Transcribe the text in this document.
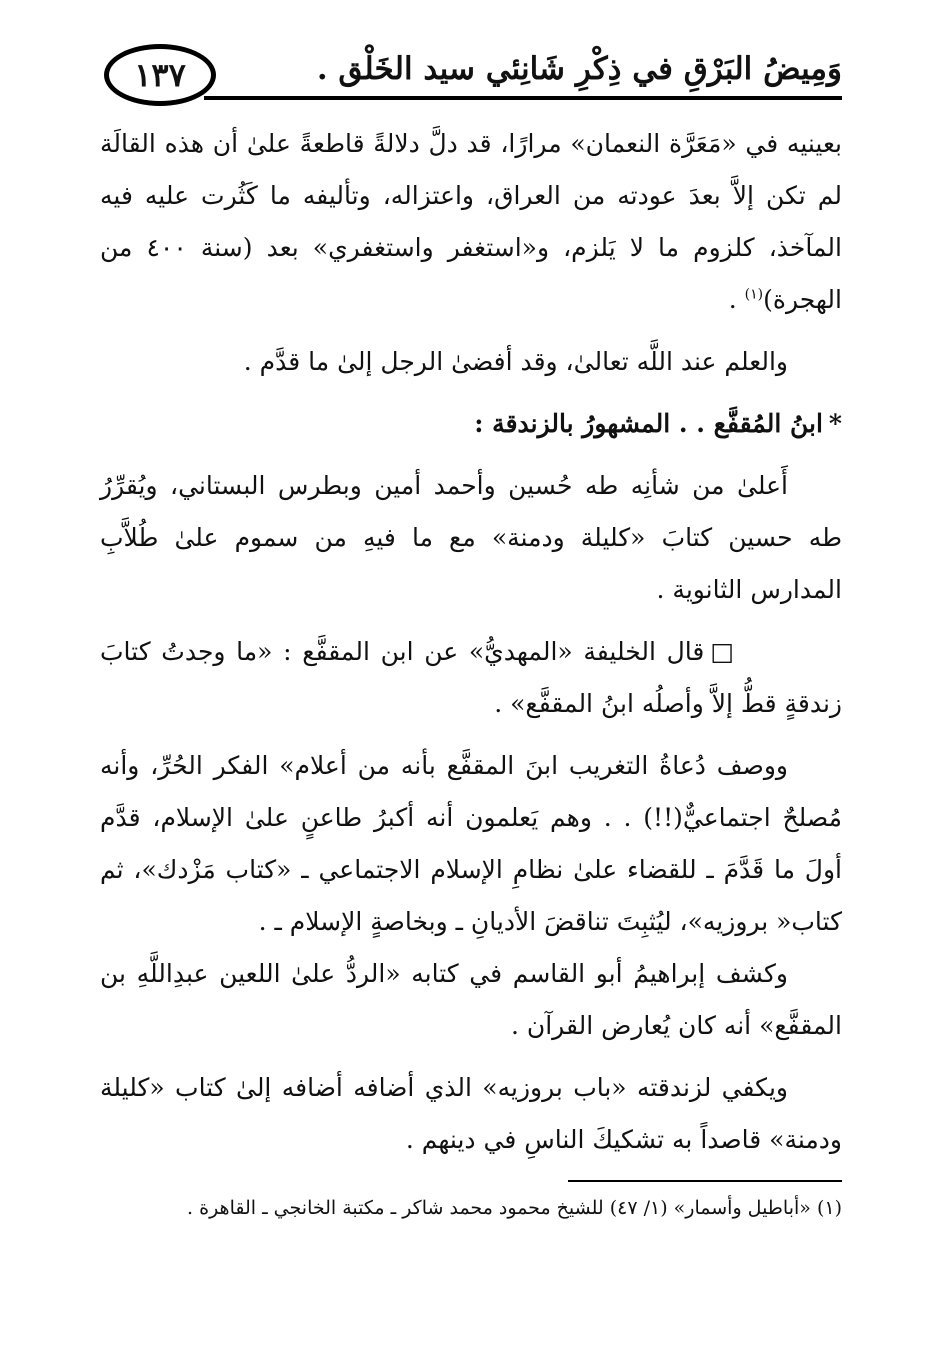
١٣٧	وَمِيضُ البَرْقِ في ذِكْرِ شَانِئي سيد الخَلْق .

بعينيه في «مَعَرَّة النعمان» مرارًا، قد دلَّ دلالةً قاطعةً علىٰ أن هذه القالَة لم تكن إلاَّ بعدَ عودته من العراق، واعتزاله، وتأليفه ما كَثُرت عليه فيه المآخذ، كلزوم ما لا يَلزم، و«استغفر واستغفري» بعد (سنة ٤٠٠ من الهجرة)$^{(١)}$ .

والعلم عند اللَّه تعالىٰ، وقد أفضىٰ الرجل إلىٰ ما قدَّم .

*ابنُ المُقفَّع . . المشهورُ بالزندقة :

أَعلىٰ من شأنِه طه حُسين وأحمد أمين وبطرس البستاني، ويُقرِّرُ طه حسين كتابَ «كليلة ودمنة» مع ما فيهِ من سموم علىٰ طُلاَّبِ المدارس الثانوية .

□قال الخليفة «المهديُّ» عن ابن المقفَّع : «ما وجدتُ كتابَ زندقةٍ قطُّ إلاَّ وأصلُه ابنُ المقفَّع» .

ووصف دُعاةُ التغريب ابنَ المقفَّع بأنه من أعلام» الفكر الحُرِّ، وأنه مُصلحٌ اجتماعيٌّ(!!) . . وهم يَعلمون أنه أكبرُ طاعنٍ علىٰ الإسلام، قدَّم أولَ ما قَدَّمَ ـ للقضاء علىٰ نظامِ الإسلام الاجتماعي ـ «كتاب مَزْدك»، ثم كتاب« بروزيه»، ليُثبِتَ تناقضَ الأديانِ ـ وبخاصةٍ الإسلام ـ .

وكشف إبراهيمُ أبو القاسم في كتابه «الردُّ علىٰ اللعين عبدِاللَّهِ بن المقفَّع» أنه كان يُعارض القرآن .

ويكفي لزندقته «باب بروزيه» الذي أضافه أضافه إلىٰ كتاب «كليلة ودمنة» قاصداً به تشكيكَ الناسِ في دينهم .

(١) «أباطيل وأسمار» (١/ ٤٧) للشيخ محمود محمد شاكر ـ مكتبة الخانجي ـ القاهرة .
